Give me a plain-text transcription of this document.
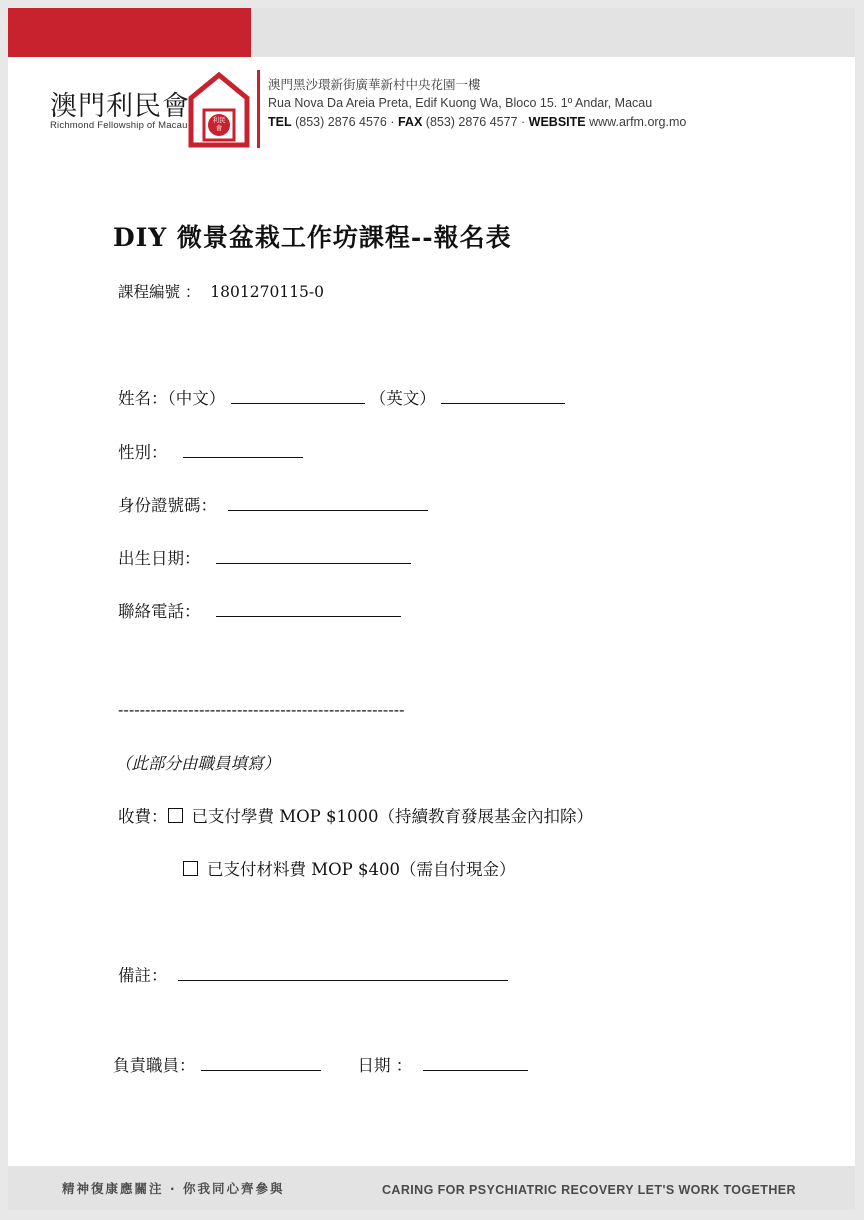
澳門利民會
Richmond Fellowship of Macau	利民
會
澳門黑沙環新街廣華新村中央花園一樓
Rua Nova Da Areia Preta, Edif Kuong Wa, Bloco 15. 1º Andar, Macau
TEL (853) 2876 4576 · FAX (853) 2876 4577 · WEBSITE www.arfm.org.mo
DIY 微景盆栽工作坊課程--報名表
課程編號 ： 1801270115-0
姓名：（中文）	（英文）
性別：
身份證號碼：
出生日期：
聯絡電話：
-----------------------------------------------------
（此部分由職員填寫）
收費： 已支付學費 MOP $1000（持續教育發展基金內扣除）
已支付材料費 MOP $400（需自付現金）
備註：
負責職員：	日期 ：
精神復康應關注 · 你我同心齊參與	CARING FOR PSYCHIATRIC RECOVERY LET'S WORK TOGETHER
